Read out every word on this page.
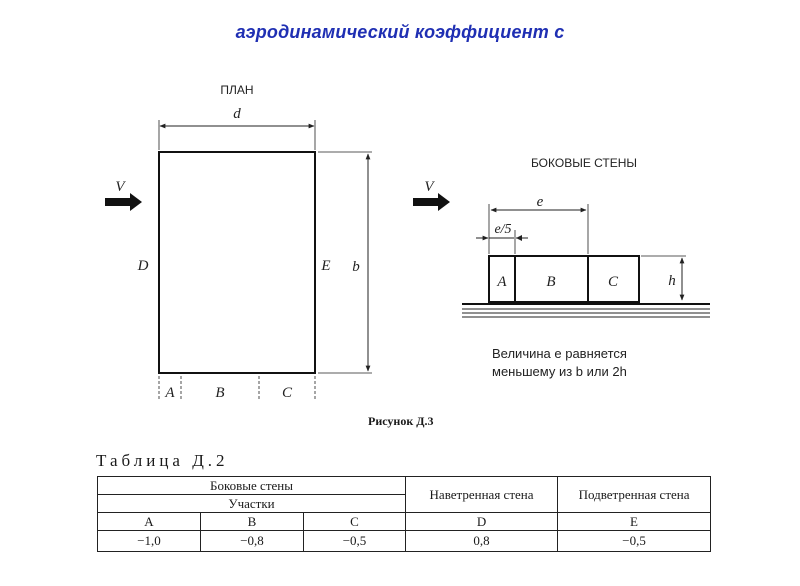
аэродинамический коэффициент с
ПЛАН
d
b
D	E
V
A	B	C
БОКОВЫЕ СТЕНЫ
V
e
e/5
A	B	C	h
Величина e равняется
меньшему из b или 2h
Рисунок Д.3
Таблица Д.2
Боковые стены			Наветренная стена	Подветренная стена
Участки				
A	B	C	D	E
−1,0	−0,8	−0,5	0,8	−0,5
